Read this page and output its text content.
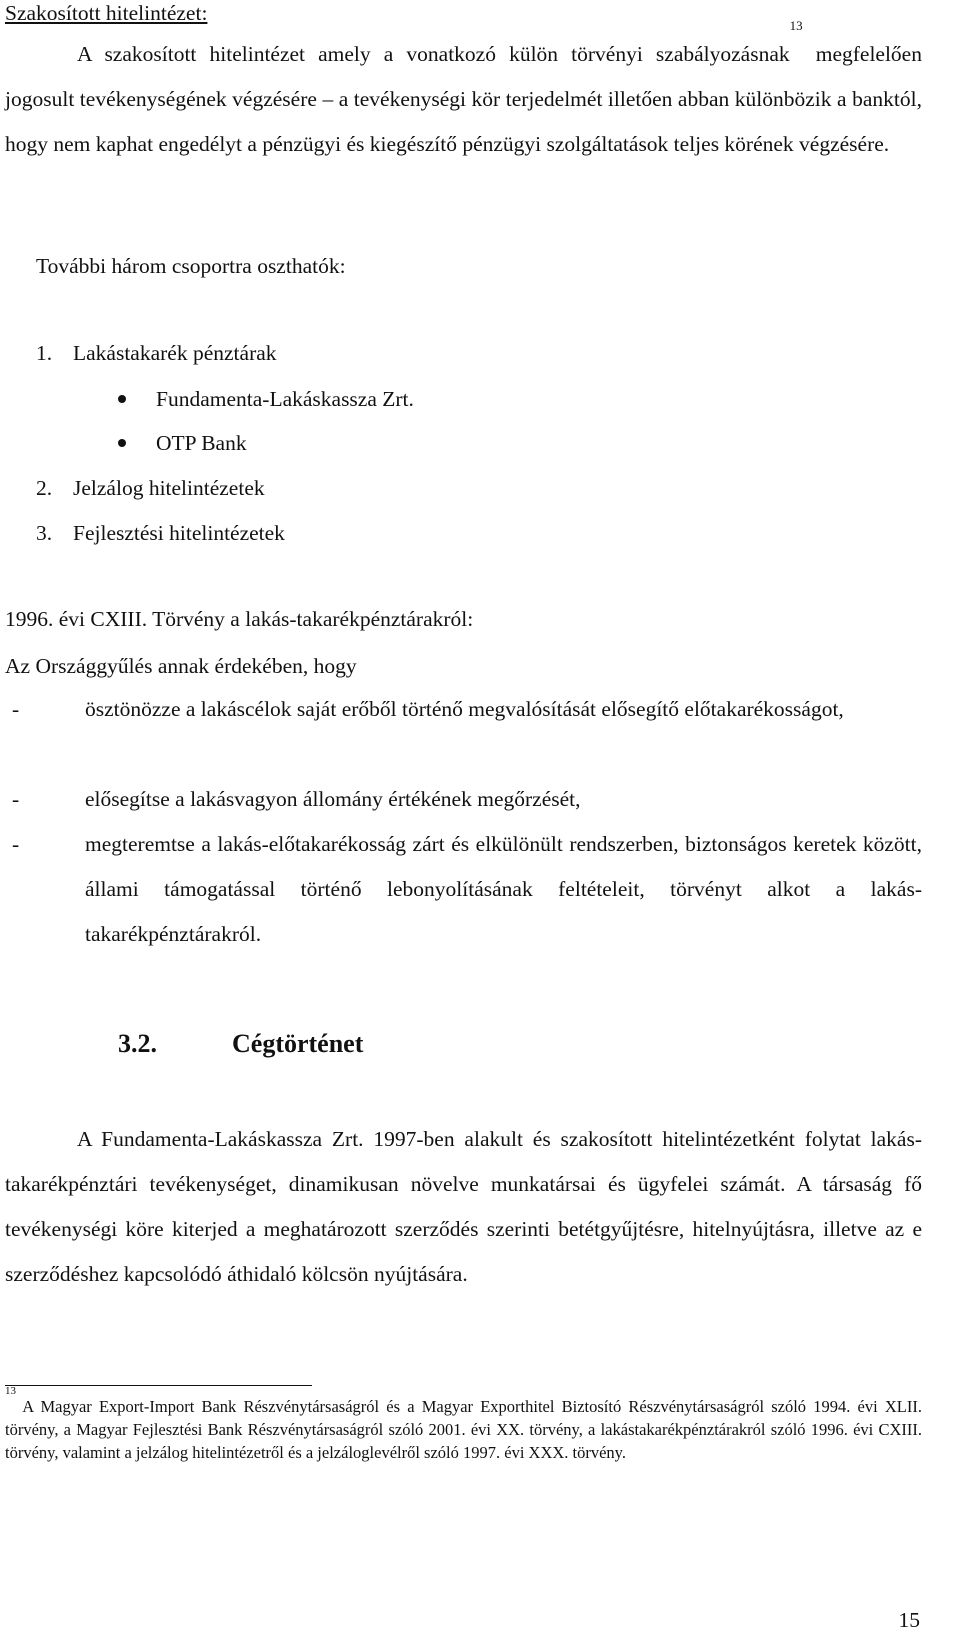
Szakosított hitelintézet:

A szakosított hitelintézet amely a vonatkozó külön törvényi szabályozásnak$^{13}$ megfelelően jogosult tevékenységének végzésére – a tevékenységi kör terjedelmét illetően abban különbözik a banktól, hogy nem kaphat engedélyt a pénzügyi és kiegészítő pénzügyi szolgáltatások teljes körének végzésére.

További három csoportra oszthatók:
1. Lakástakarék pénztárak
Fundamenta-Lakáskassza Zrt.
OTP Bank
2. Jelzálog hitelintézetek
3. Fejlesztési hitelintézetek
1996. évi CXIII. Törvény a lakás-takarékpénztárakról:
Az Országgyűlés annak érdekében, hogy
-	ösztönözze a lakáscélok saját erőből történő megvalósítását elősegítő előtakarékosságot,
-	elősegítse a lakásvagyon állomány értékének megőrzését,
-	megteremtse a lakás-előtakarékosság zárt és elkülönült rendszerben, biztonságos keretek között, állami támogatással történő lebonyolításának feltételeit, törvényt alkot a lakás-takarékpénztárakról.
3.2.	Cégtörténet

A Fundamenta-Lakáskassza Zrt. 1997-ben alakult és szakosított hitelintézetként folytat lakás-takarékpénztári tevékenységet, dinamikusan növelve munkatársai és ügyfelei számát. A társaság fő tevékenységi köre kiterjed a meghatározott szerződés szerinti betétgyűjtésre, hitelnyújtásra, illetve az e szerződéshez kapcsolódó áthidaló kölcsön nyújtására.

$^{13}$ A Magyar Export-Import Bank Részvénytársaságról és a Magyar Exporthitel Biztosító Részvénytársaságról szóló 1994. évi XLII. törvény, a Magyar Fejlesztési Bank Részvénytársaságról szóló 2001. évi XX. törvény, a lakástakarékpénztárakról szóló 1996. évi CXIII. törvény, valamint a jelzálog hitelintézetről és a jelzáloglevélről szóló 1997. évi XXX. törvény.
15
